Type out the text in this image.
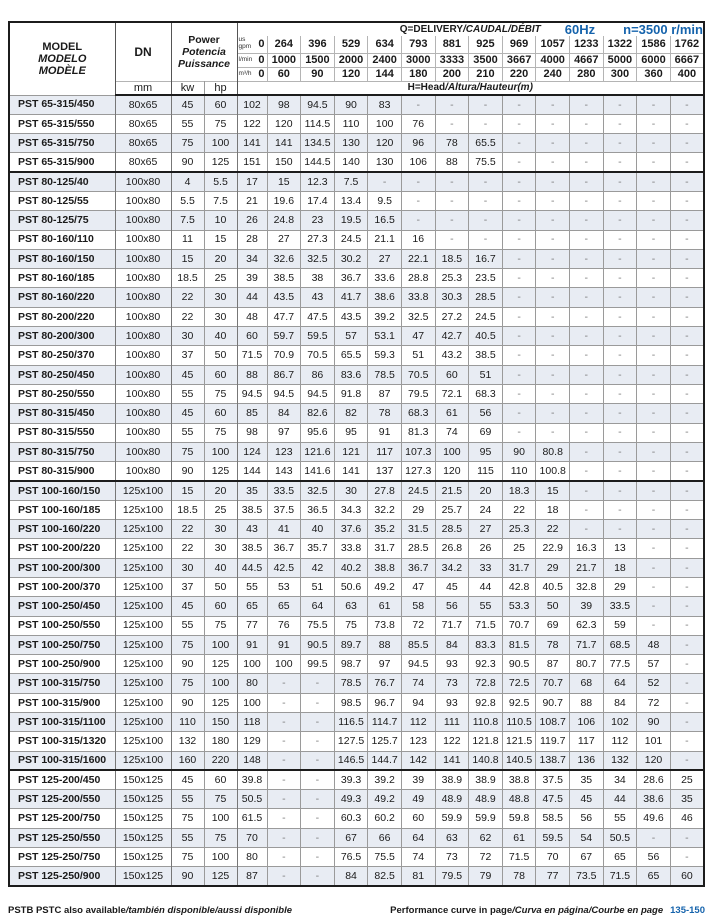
60Hz n=3500 r/min
MODEL
MODELO
MODÈLE
	DN	
Power
Potencia
Puissance
	Q=DELIVERY/CAUDAL/DÉBIT

				us gpm 0	264	396	529	634	793	881	925	969	1057	1233	1322	1586	1762

				l/min 0	1000	1500	2000	2400	3000	3333	3500	3667	4000	4667	5000	6000	6667

				m³/h 0	60	90	120	144	180	200	210	220	240	280	300	360	400
	mm	kw	hp	H=Head/Altura/Hauteur(m)													
PST 65-315/450	80x65	45	60	102	98	94.5	90	83	-	-	-	-	-	-	-	-	-
PST 65-315/550	80x65	55	75	122	120	114.5	110	100	76	-	-	-	-	-	-	-	-
PST 65-315/750	80x65	75	100	141	141	134.5	130	120	96	78	65.5	-	-	-	-	-	-
PST 65-315/900	80x65	90	125	151	150	144.5	140	130	106	88	75.5	-	-	-	-	-	-
PST 80-125/40	100x80	4	5.5	17	15	12.3	7.5	-	-	-	-	-	-	-	-	-	-
PST 80-125/55	100x80	5.5	7.5	21	19.6	17.4	13.4	9.5	-	-	-	-	-	-	-	-	-
PST 80-125/75	100x80	7.5	10	26	24.8	23	19.5	16.5	-	-	-	-	-	-	-	-	-
PST 80-160/110	100x80	11	15	28	27	27.3	24.5	21.1	16	-	-	-	-	-	-	-	-
PST 80-160/150	100x80	15	20	34	32.6	32.5	30.2	27	22.1	18.5	16.7	-	-	-	-	-	-
PST 80-160/185	100x80	18.5	25	39	38.5	38	36.7	33.6	28.8	25.3	23.5	-	-	-	-	-	-
PST 80-160/220	100x80	22	30	44	43.5	43	41.7	38.6	33.8	30.3	28.5	-	-	-	-	-	-
PST 80-200/220	100x80	22	30	48	47.7	47.5	43.5	39.2	32.5	27.2	24.5	-	-	-	-	-	-
PST 80-200/300	100x80	30	40	60	59.7	59.5	57	53.1	47	42.7	40.5	-	-	-	-	-	-
PST 80-250/370	100x80	37	50	71.5	70.9	70.5	65.5	59.3	51	43.2	38.5	-	-	-	-	-	-
PST 80-250/450	100x80	45	60	88	86.7	86	83.6	78.5	70.5	60	51	-	-	-	-	-	-
PST 80-250/550	100x80	55	75	94.5	94.5	94.5	91.8	87	79.5	72.1	68.3	-	-	-	-	-	-
PST 80-315/450	100x80	45	60	85	84	82.6	82	78	68.3	61	56	-	-	-	-	-	-
PST 80-315/550	100x80	55	75	98	97	95.6	95	91	81.3	74	69	-	-	-	-	-	-
PST 80-315/750	100x80	75	100	124	123	121.6	121	117	107.3	100	95	90	80.8	-	-	-	-
PST 80-315/900	100x80	90	125	144	143	141.6	141	137	127.3	120	115	110	100.8	-	-	-	-
PST 100-160/150	125x100	15	20	35	33.5	32.5	30	27.8	24.5	21.5	20	18.3	15	-	-	-	-
PST 100-160/185	125x100	18.5	25	38.5	37.5	36.5	34.3	32.2	29	25.7	24	22	18	-	-	-	-
PST 100-160/220	125x100	22	30	43	41	40	37.6	35.2	31.5	28.5	27	25.3	22	-	-	-	-
PST 100-200/220	125x100	22	30	38.5	36.7	35.7	33.8	31.7	28.5	26.8	26	25	22.9	16.3	13	-	-
PST 100-200/300	125x100	30	40	44.5	42.5	42	40.2	38.8	36.7	34.2	33	31.7	29	21.7	18	-	-
PST 100-200/370	125x100	37	50	55	53	51	50.6	49.2	47	45	44	42.8	40.5	32.8	29	-	-
PST 100-250/450	125x100	45	60	65	65	64	63	61	58	56	55	53.3	50	39	33.5	-	-
PST 100-250/550	125x100	55	75	77	76	75.5	75	73.8	72	71.7	71.5	70.7	69	62.3	59	-	-
PST 100-250/750	125x100	75	100	91	91	90.5	89.7	88	85.5	84	83.3	81.5	78	71.7	68.5	48	-
PST 100-250/900	125x100	90	125	100	100	99.5	98.7	97	94.5	93	92.3	90.5	87	80.7	77.5	57	-
PST 100-315/750	125x100	75	100	80	-	-	78.5	76.7	74	73	72.8	72.5	70.7	68	64	52	-
PST 100-315/900	125x100	90	125	100	-	-	98.5	96.7	94	93	92.8	92.5	90.7	88	84	72	-
PST 100-315/1100	125x100	110	150	118	-	-	116.5	114.7	112	111	110.8	110.5	108.7	106	102	90	-
PST 100-315/1320	125x100	132	180	129	-	-	127.5	125.7	123	122	121.8	121.5	119.7	117	112	101	-
PST 100-315/1600	125x100	160	220	148	-	-	146.5	144.7	142	141	140.8	140.5	138.7	136	132	120	-
PST 125-200/450	150x125	45	60	39.8	-	-	39.3	39.2	39	38.9	38.9	38.8	37.5	35	34	28.6	25
PST 125-200/550	150x125	55	75	50.5	-	-	49.3	49.2	49	48.9	48.9	48.8	47.5	45	44	38.6	35
PST 125-200/750	150x125	75	100	61.5	-	-	60.3	60.2	60	59.9	59.9	59.8	58.5	56	55	49.6	46
PST 125-250/550	150x125	55	75	70	-	-	67	66	64	63	62	61	59.5	54	50.5	-	-
PST 125-250/750	150x125	75	100	80	-	-	76.5	75.5	74	73	72	71.5	70	67	65	56	-
PST 125-250/900	150x125	90	125	87	-	-	84	82.5	81	79.5	79	78	77	73.5	71.5	65	60
PSTB PSTC also available/también disponible/aussi disponible	Performance curve in page/Curva en página/Courbe en page 135-150
